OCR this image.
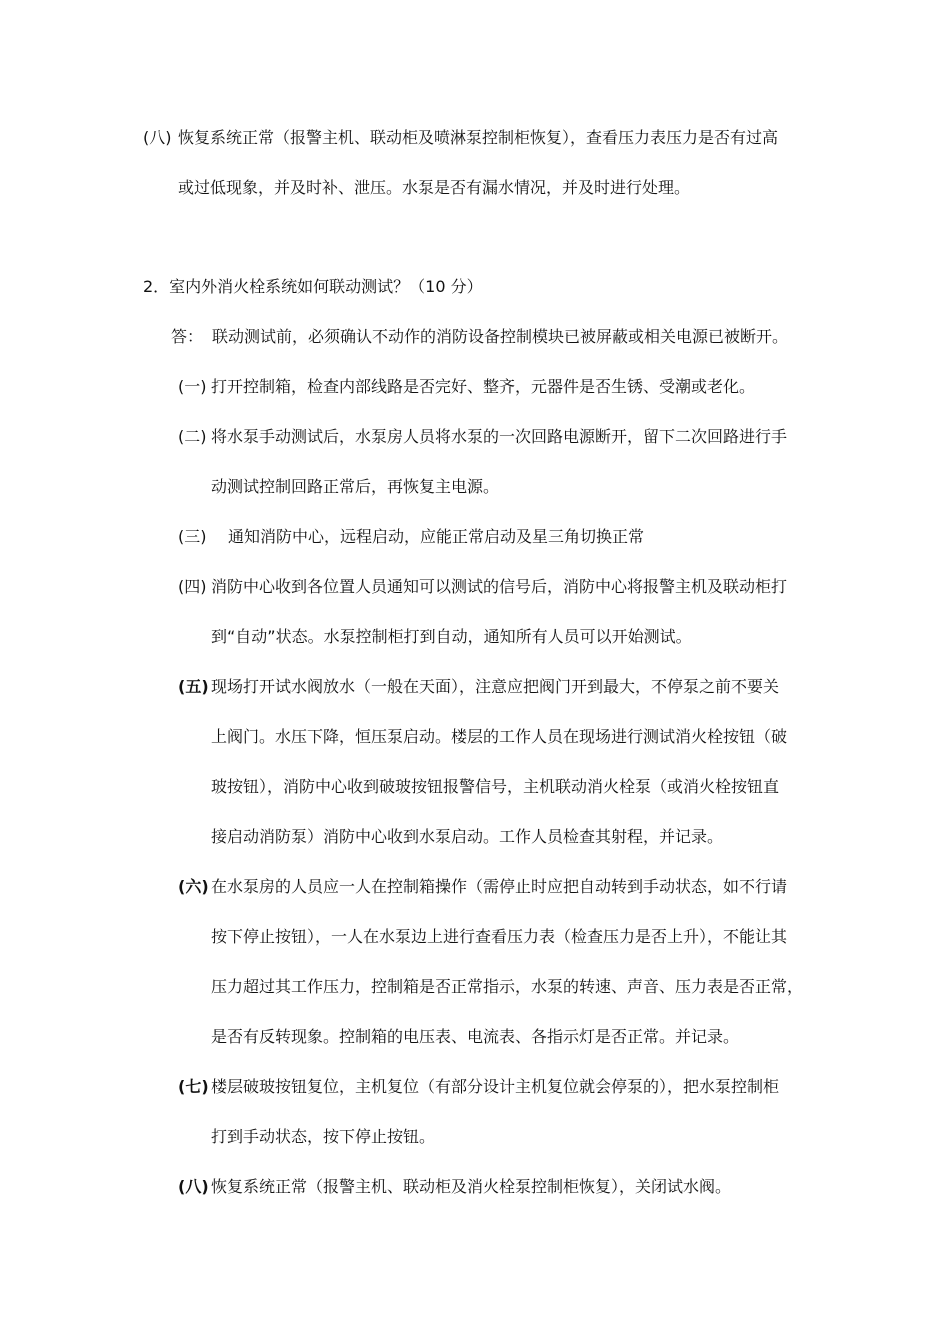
(八) 恢复系统正常（报警主机、联动柜及喷淋泵控制柜恢复），查看压力表压力是否有过高
或过低现象，并及时补、泄压。水泵是否有漏水情况，并及时进行处理。
2．室内外消火栓系统如何联动测试？（10 分）
答： 联动测试前，必须确认不动作的消防设备控制模块已被屏蔽或相关电源已被断开。
(一) 打开控制箱，检查内部线路是否完好、整齐，元器件是否生锈、受潮或老化。
(二) 将水泵手动测试后，水泵房人员将水泵的一次回路电源断开，留下二次回路进行手
动测试控制回路正常后，再恢复主电源。
(三) 通知消防中心，远程启动，应能正常启动及星三角切换正常
(四) 消防中心收到各位置人员通知可以测试的信号后，消防中心将报警主机及联动柜打
到“自动”状态。水泵控制柜打到自动，通知所有人员可以开始测试。
(五) 现场打开试水阀放水（一般在天面），注意应把阀门开到最大，不停泵之前不要关
上阀门。水压下降，恒压泵启动。楼层的工作人员在现场进行测试消火栓按钮（破
玻按钮），消防中心收到破玻按钮报警信号，主机联动消火栓泵（或消火栓按钮直
接启动消防泵）消防中心收到水泵启动。工作人员检查其射程，并记录。
(六) 在水泵房的人员应一人在控制箱操作（需停止时应把自动转到手动状态，如不行请
按下停止按钮），一人在水泵边上进行查看压力表（检查压力是否上升），不能让其
压力超过其工作压力，控制箱是否正常指示，水泵的转速、声音、压力表是否正常，
是否有反转现象。控制箱的电压表、电流表、各指示灯是否正常。并记录。
(七) 楼层破玻按钮复位，主机复位（有部分设计主机复位就会停泵的），把水泵控制柜
打到手动状态，按下停止按钮。
(八) 恢复系统正常（报警主机、联动柜及消火栓泵控制柜恢复），关闭试水阀。
